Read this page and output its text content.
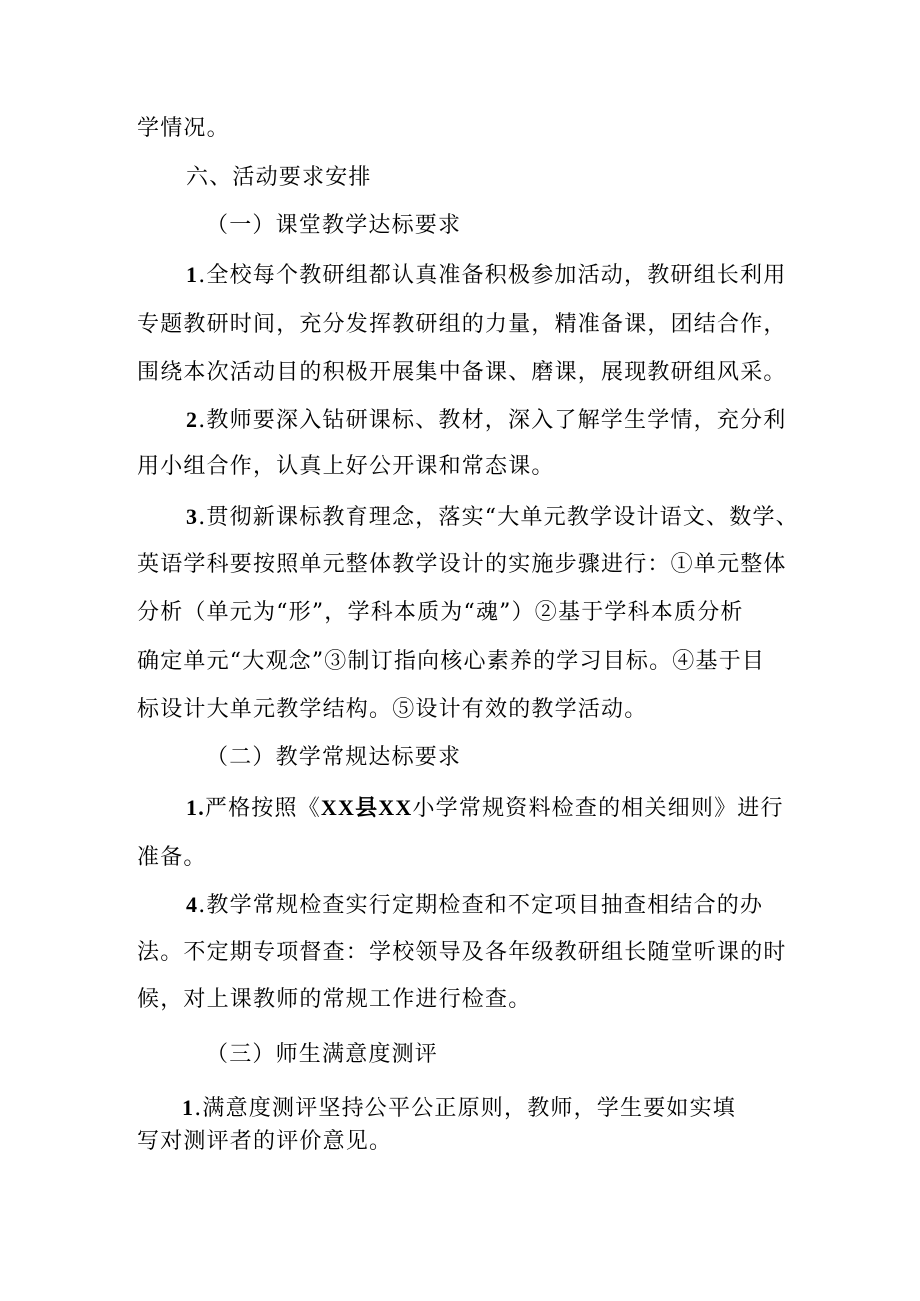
学情况。
六、活动要求安排
（一）课堂教学达标要求
1.全校每个教研组都认真准备积极参加活动，教研组长利用
专题教研时间，充分发挥教研组的力量，精准备课，团结合作，
围绕本次活动目的积极开展集中备课、磨课，展现教研组风采。
2.教师要深入钻研课标、教材，深入了解学生学情，充分利
用小组合作，认真上好公开课和常态课。
3.贯彻新课标教育理念，落实“大单元教学设计语文、数学、
英语学科要按照单元整体教学设计的实施步骤进行：①单元整体
分析（单元为“形”，学科本质为“魂”）②基于学科本质分析
确定单元“大观念”③制订指向核心素养的学习目标。④基于目
标设计大单元教学结构。⑤设计有效的教学活动。
（二）教学常规达标要求
1.严格按照《XX县XX小学常规资料检查的相关细则》进行
准备。
4.教学常规检查实行定期检查和不定项目抽查相结合的办
法。不定期专项督查：学校领导及各年级教研组长随堂听课的时
候，对上课教师的常规工作进行检查。
（三）师生满意度测评
1.满意度测评坚持公平公正原则，教师，学生要如实填
写对测评者的评价意见。
